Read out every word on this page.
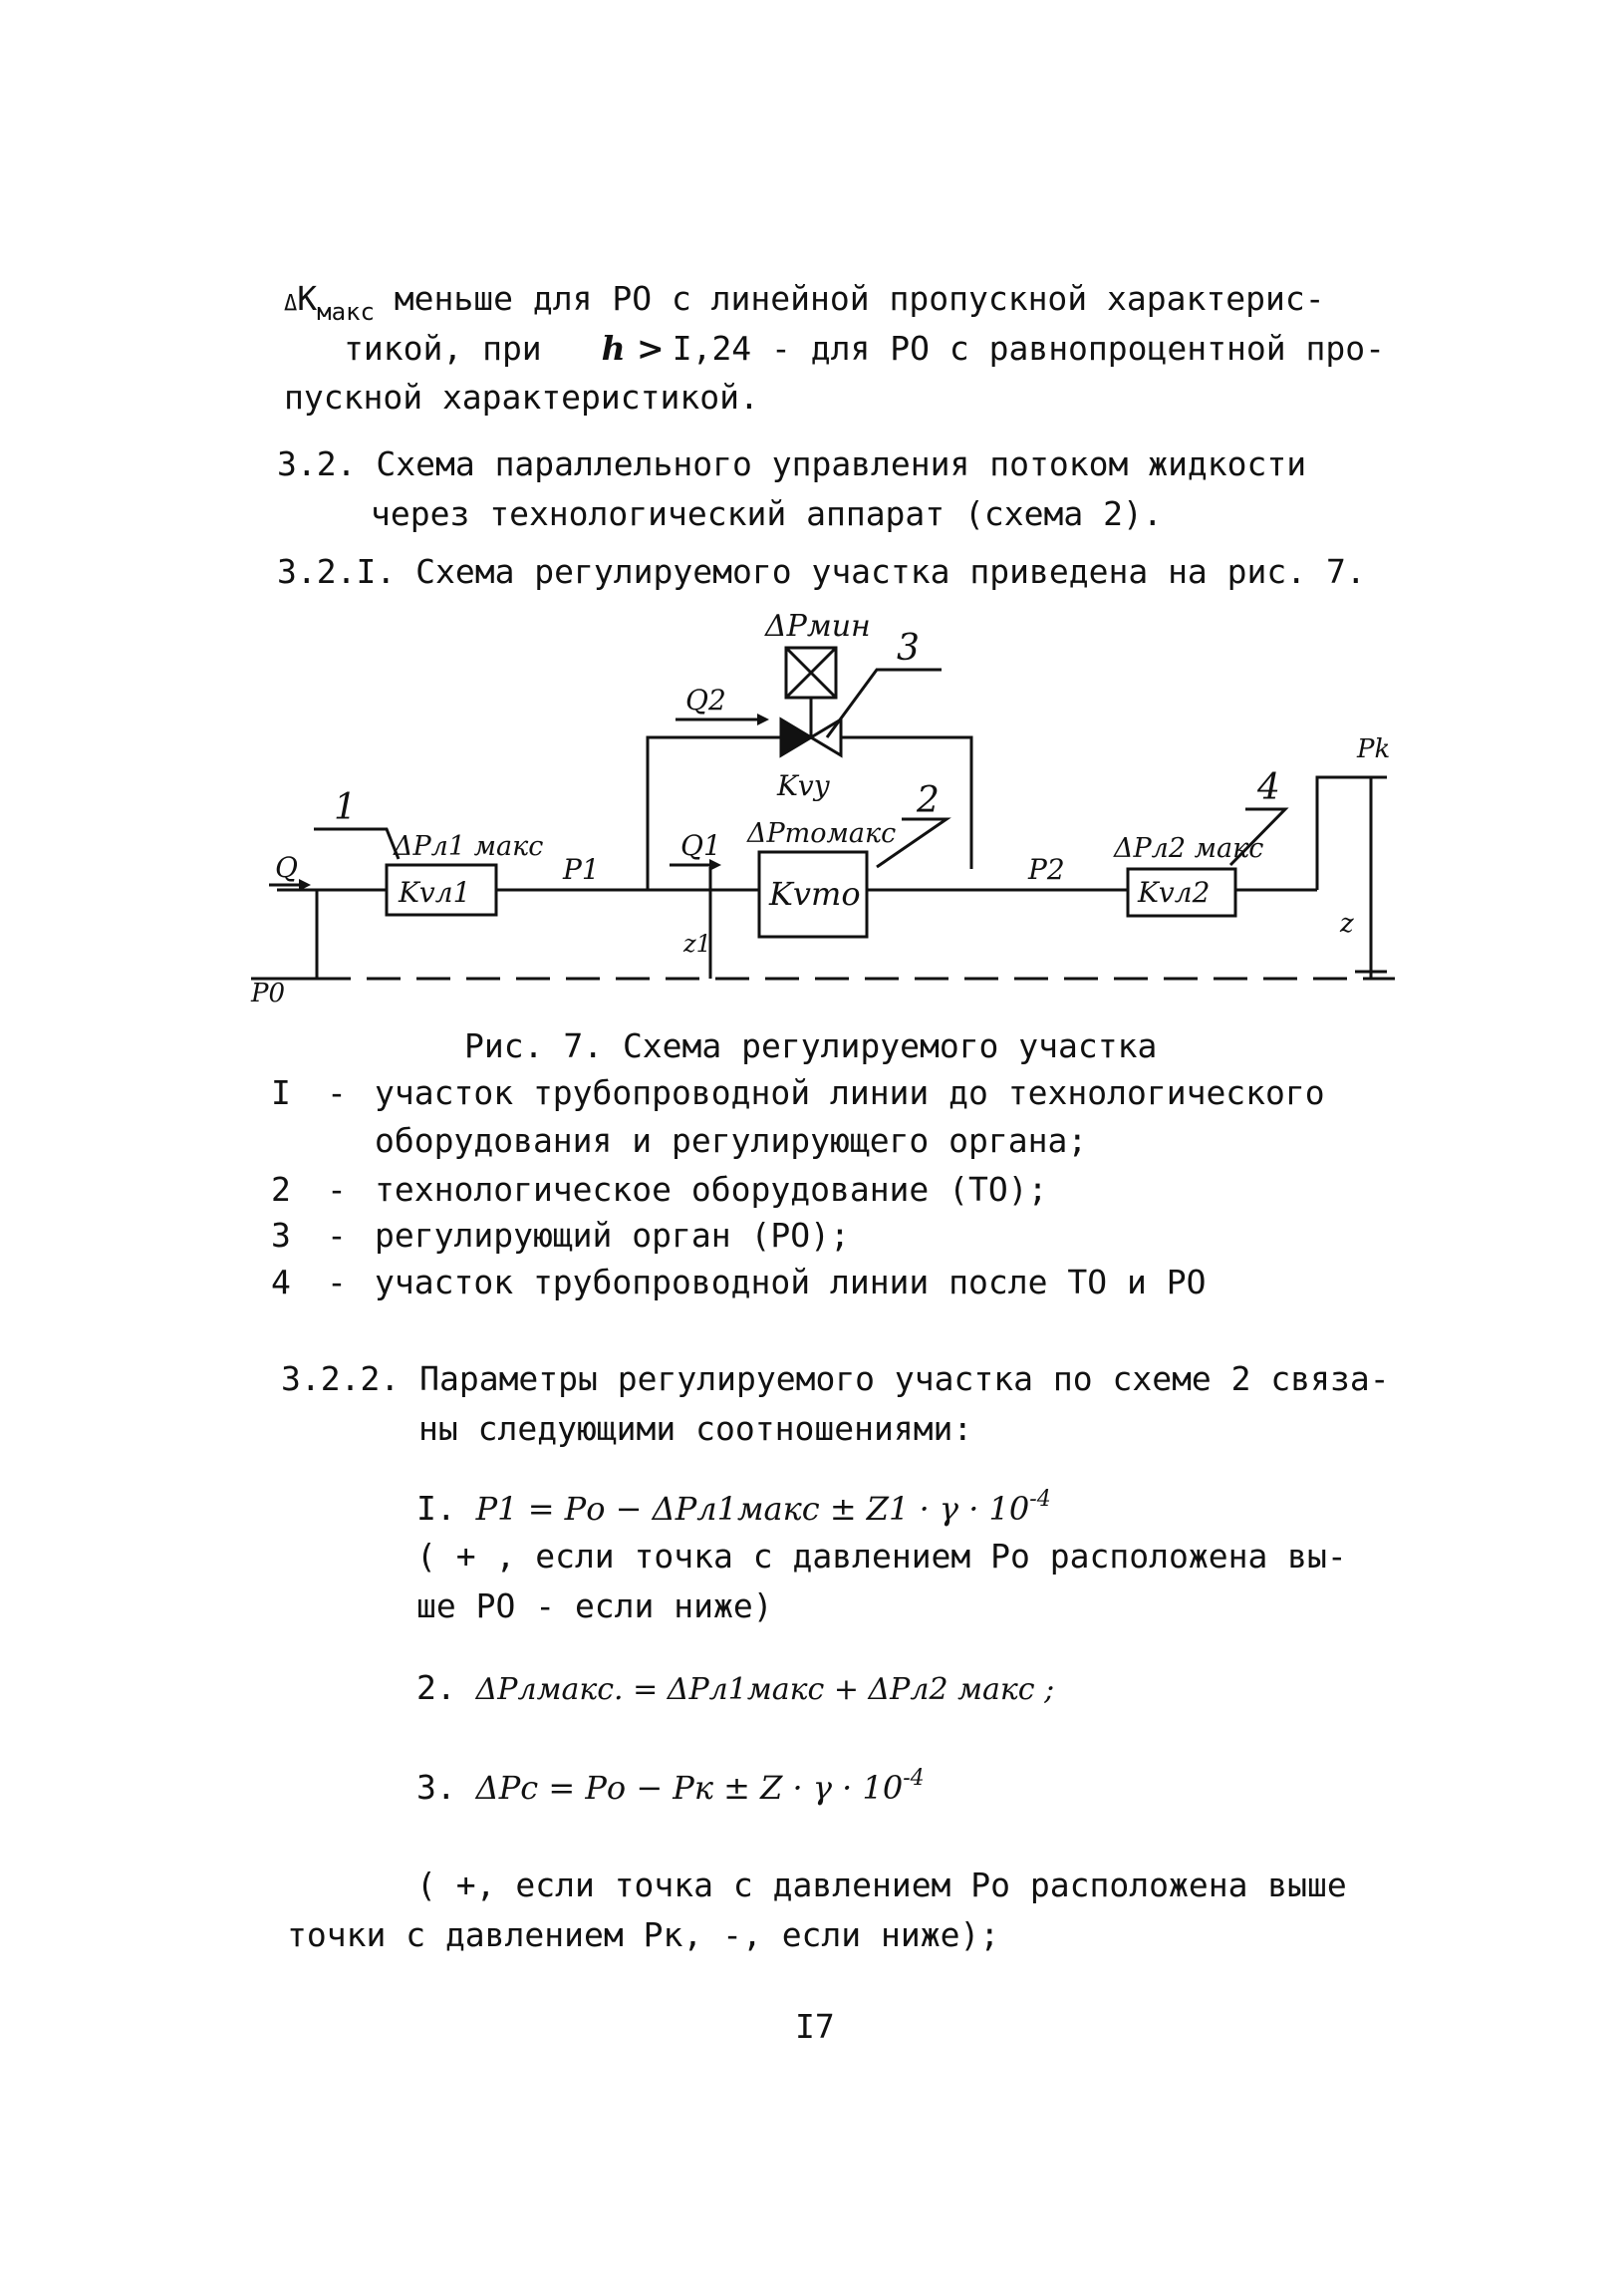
$\Delta K_{макс}$ меньше для РО с линейной пропускной характерис-
тикой, при h > I,24 - для РО с равнопроцентной про-
пускной характеристикой.
3.2. Схема параллельного управления потоком жидкости
через технологический аппарат (схема 2).
3.2.I. Схема регулируемого участка приведена на рис. 7.
ΔPмин
3
Q2
Kvy
1
ΔPл1 макс
Q	P1
Kvл1
Q1 ΔPтомакс
2
Kvто
z1
P2
ΔPл2 макс
4
Kvл2
Pk
z
P0
Рис. 7. Схема регулируемого участка
I - участок трубопроводной линии до технологического
оборудования и регулирующего органа;
2 - технологическое оборудование (ТО);
3 - регулирующий орган (РО);
4 - участок трубопроводной линии после ТО и РО
3.2.2. Параметры регулируемого участка по схеме 2 связа-
ны следующими соотношениями:
I. P1 = Pо − ΔPл1макс ± $Z1 \cdot \gamma \cdot 10^{-4}$
( + , если точка с давлением Ро расположена вы-
ше РО - если ниже)
2. ΔPлмакс. = ΔPл1макс + ΔPл2 макс ;
3. ΔPс = Pо − Pк ± $Z \cdot \gamma \cdot 10^{-4}$
( +, если точка с давлением Ро расположена выше
точки с давлением Рк, -, если ниже);
I7
